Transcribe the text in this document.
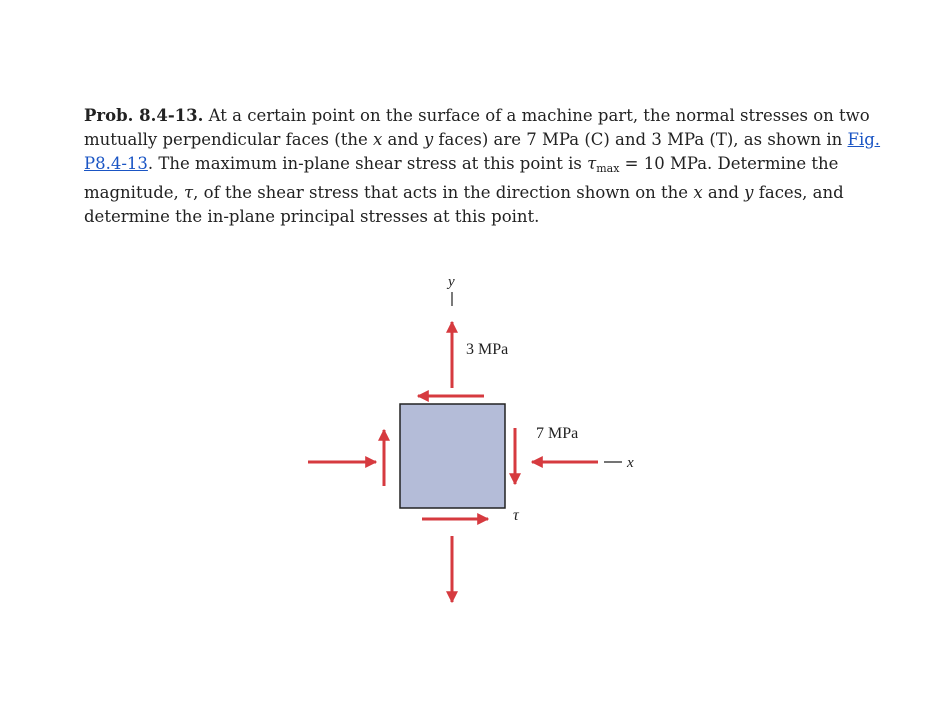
Prob. 8.4-13. At a certain point on the surface of a machine part, the normal stresses on two mutually perpendicular faces (the x and y faces) are 7 MPa (C) and 3 MPa (T), as shown in Fig. P8.4-13. The maximum in-plane shear stress at this point is $\tau_{max} = 10$ MPa. Determine the magnitude, τ, of the shear stress that acts in the direction shown on the x and y faces, and determine the in-plane principal stresses at this point.
y
3 MPa
7 MPa
τ
x
